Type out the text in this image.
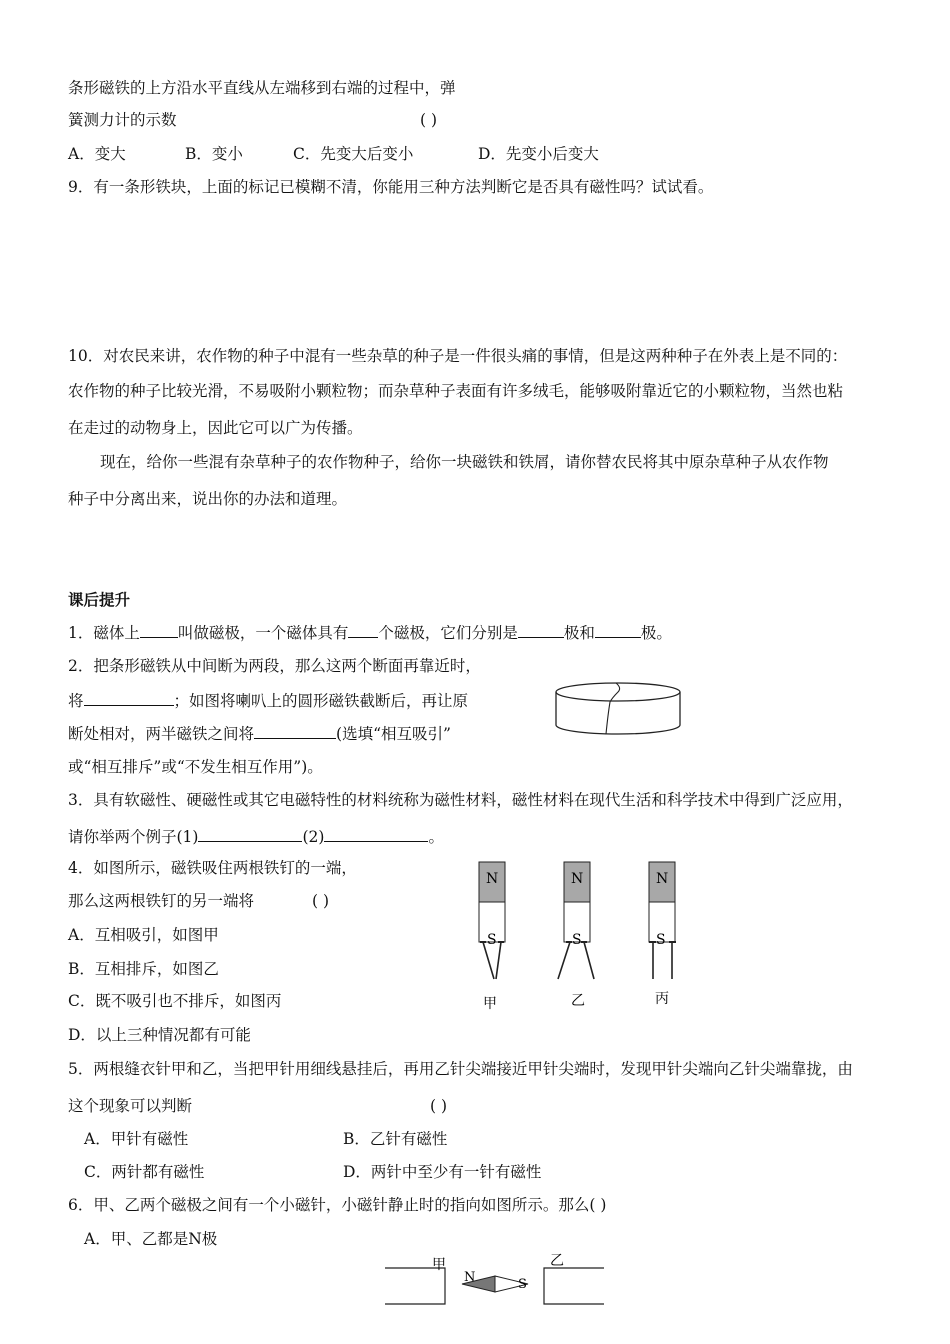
条形磁铁的上方沿水平直线从左端移到右端的过程中，弹
簧测力计的示数	( )
A．变大	B．变小	C．先变大后变小	D．先变小后变大
9．有一条形铁块，上面的标记已模糊不清，你能用三种方法判断它是否具有磁性吗？试试看。
10．对农民来讲，农作物的种子中混有一些杂草的种子是一件很头痛的事情，但是这两种种子在外表上是不同的：
农作物的种子比较光滑，不易吸附小颗粒物；而杂草种子表面有许多绒毛，能够吸附靠近它的小颗粒物，当然也粘
在走过的动物身上，因此它可以广为传播。
现在，给你一些混有杂草种子的农作物种子，给你一块磁铁和铁屑，请你替农民将其中原杂草种子从农作物
种子中分离出来，说出你的办法和道理。
课后提升
1．磁体上 叫做磁极，一个磁体具有 个磁极，它们分别是	极和	极。
2．把条形磁铁从中间断为两段，那么这两个断面再靠近时，
将	；如图将喇叭上的圆形磁铁截断后，再让原
断处相对，两半磁铁之间将	(选填“相互吸引”
或“相互排斥”或“不发生相互作用”)。
3．具有软磁性、硬磁性或其它电磁特性的材料统称为磁性材料，磁性材料在现代生活和科学技术中得到广泛应用，
请你举两个例子(1)	(2)	。
4．如图所示，磁铁吸住两根铁钉的一端，
那么这两根铁钉的另一端将	( )
A．互相吸引，如图甲
B．互相排斥，如图乙
C．既不吸引也不排斥，如图丙
D．以上三种情况都有可能
N
S
甲
N
S
乙
N
S
丙
5．两根缝衣针甲和乙，当把甲针用细线悬挂后，再用乙针尖端接近甲针尖端时，发现甲针尖端向乙针尖端靠拢，由
这个现象可以判断	( )
A．甲针有磁性	B．乙针有磁性
C．两针都有磁性	D．两针中至少有一针有磁性
6．甲、乙两个磁极之间有一个小磁针，小磁针静止时的指向如图所示。那么( )
A．甲、乙都是N极
甲	乙
N	S
